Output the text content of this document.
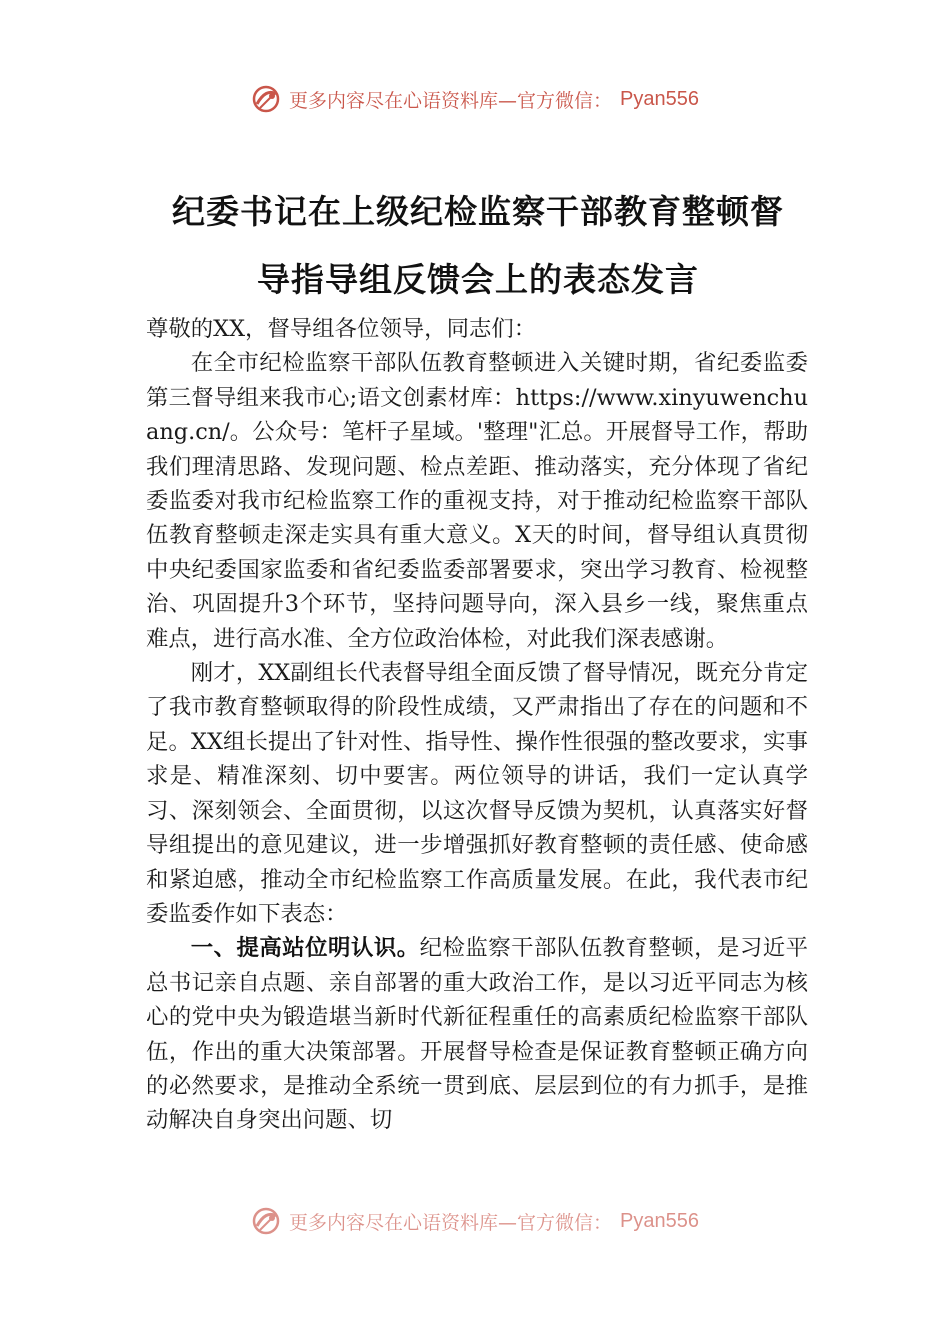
更多内容尽在心语资料库—官方微信： Pyan556
纪委书记在上级纪检监察干部教育整顿督
导指导组反馈会上的表态发言

尊敬的XX，督导组各位领导，同志们：

在全市纪检监察干部队伍教育整顿进入关键时期，省纪委监委第三督导组来我市心;语文创素材库：https://www.xinyuwenchuang.cn/。公众号：笔杆子星域。'整理"汇总。开展督导工作，帮助我们理清思路、发现问题、检点差距、推动落实，充分体现了省纪委监委对我市纪检监察工作的重视支持，对于推动纪检监察干部队伍教育整顿走深走实具有重大意义。X天的时间，督导组认真贯彻中央纪委国家监委和省纪委监委部署要求，突出学习教育、检视整治、巩固提升3个环节，坚持问题导向，深入县乡一线，聚焦重点难点，进行高水准、全方位政治体检，对此我们深表感谢。

刚才，XX副组长代表督导组全面反馈了督导情况，既充分肯定了我市教育整顿取得的阶段性成绩，又严肃指出了存在的问题和不足。XX组长提出了针对性、指导性、操作性很强的整改要求，实事求是、精准深刻、切中要害。两位领导的讲话，我们一定认真学习、深刻领会、全面贯彻，以这次督导反馈为契机，认真落实好督导组提出的意见建议，进一步增强抓好教育整顿的责任感、使命感和紧迫感，推动全市纪检监察工作高质量发展。在此，我代表市纪委监委作如下表态：

一、提高站位明认识。纪检监察干部队伍教育整顿，是习近平总书记亲自点题、亲自部署的重大政治工作，是以习近平同志为核心的党中央为锻造堪当新时代新征程重任的高素质纪检监察干部队伍，作出的重大决策部署。开展督导检查是保证教育整顿正确方向的必然要求，是推动全系统一贯到底、层层到位的有力抓手，是推动解决自身突出问题、切

更多内容尽在心语资料库—官方微信： Pyan556
